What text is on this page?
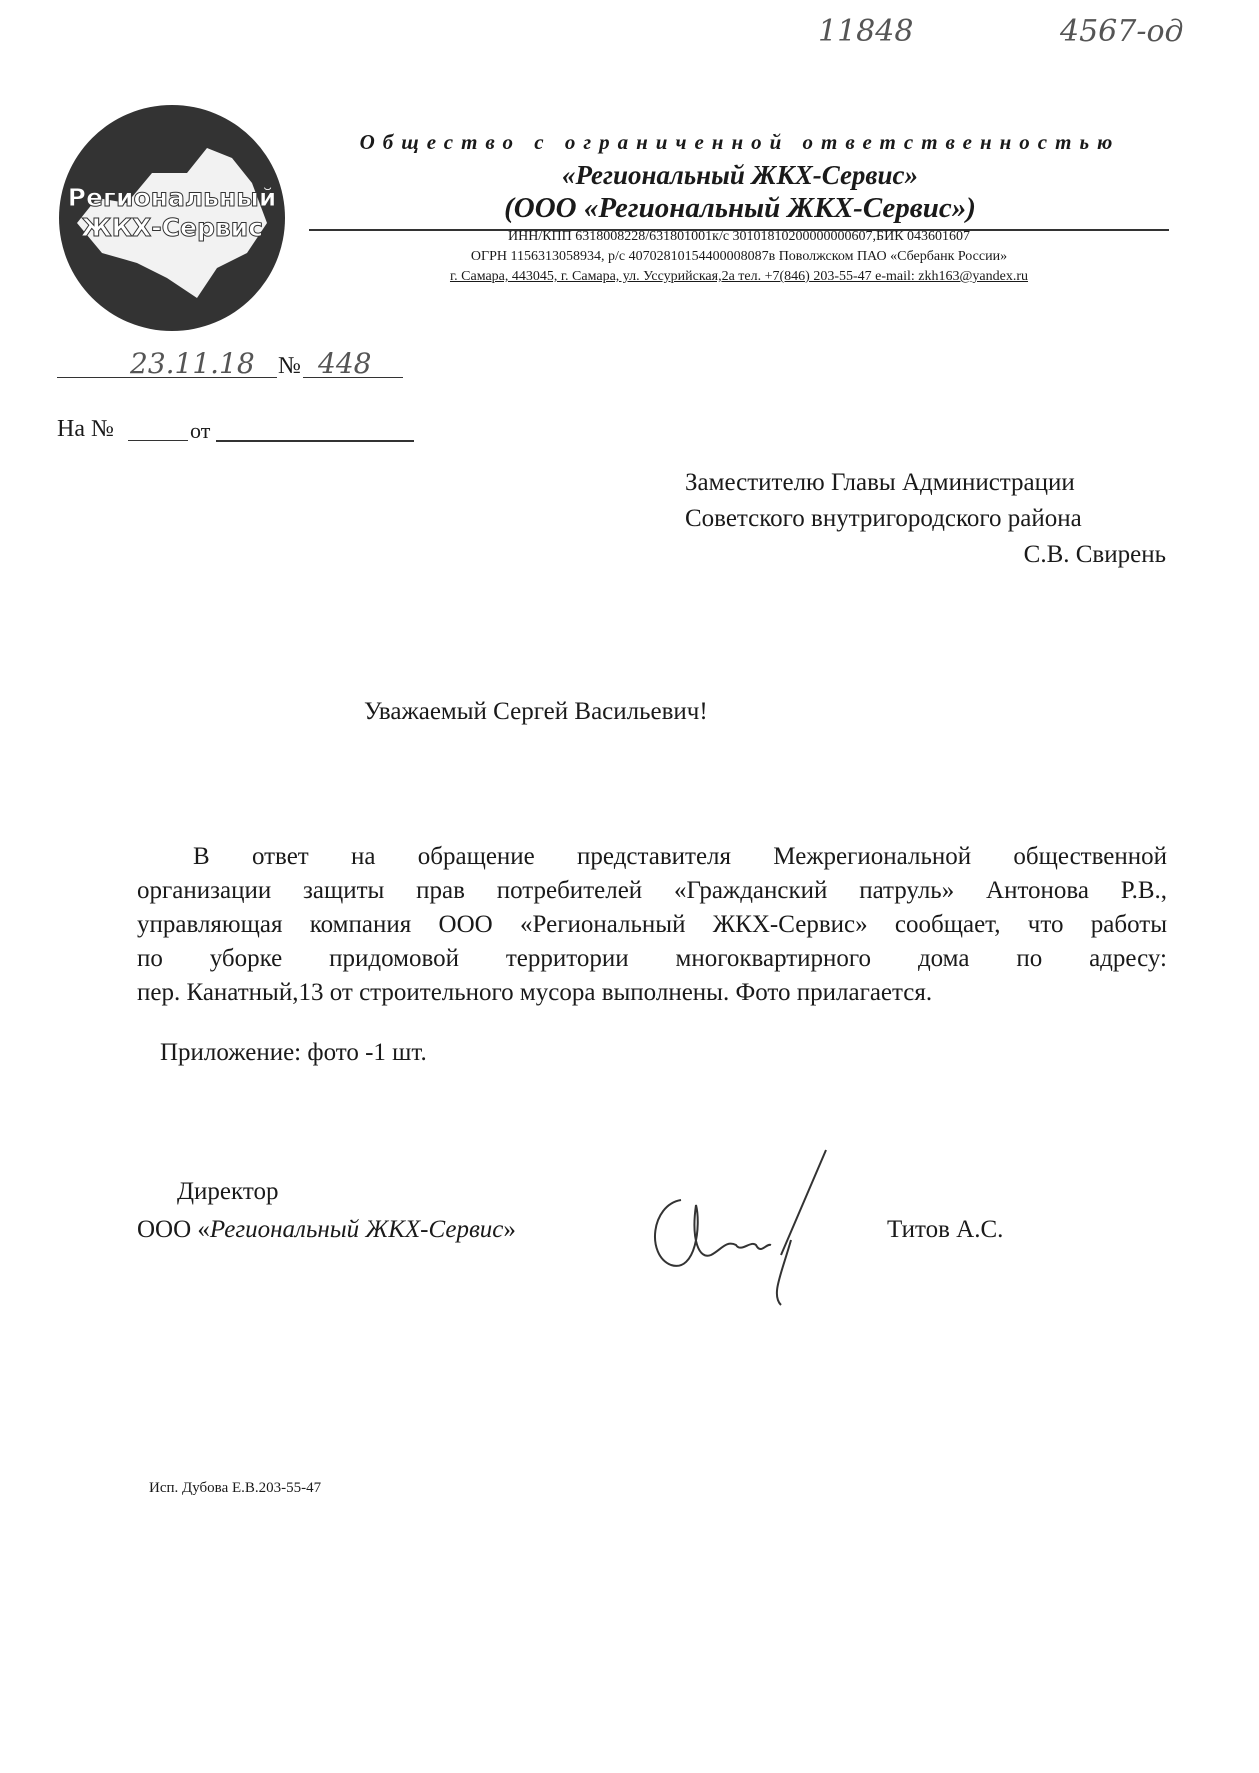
11848	4567-од
Региональный
ЖКХ-Сервис
Общество с ограниченной ответственностью
«Региональный ЖКХ-Сервис»
(ООО «Региональный ЖКХ-Сервис»)
ИНН/КПП 6318008228/631801001к/с 30101810200000000607,БИК 043601607
ОГРН 1156313058934, р/с 40702810154400008087в Поволжском ПАО «Сбербанк России»
г. Самара, 443045, г. Самара, ул. Уссурийская,2а тел. +7(846) 203-55-47 e-mail: zkh163@yandex.ru
23.11.18 № 448
На №	от
Заместителю Главы Администрации
Советского внутригородского района
С.В. Свирень
Уважаемый Сергей Васильевич!
В ответ на обращение представителя Межрегиональной общественной
организации защиты прав потребителей «Гражданский патруль» Антонова Р.В.,
управляющая компания ООО «Региональный ЖКХ-Сервис» сообщает, что работы
по уборке придомовой территории многоквартирного дома по адресу:
пер. Канатный,13 от строительного мусора выполнены. Фото прилагается.
Приложение: фото -1 шт.
Директор
ООО «Региональный ЖКХ-Сервис»	Титов А.С.
Исп. Дубова Е.В.203-55-47
